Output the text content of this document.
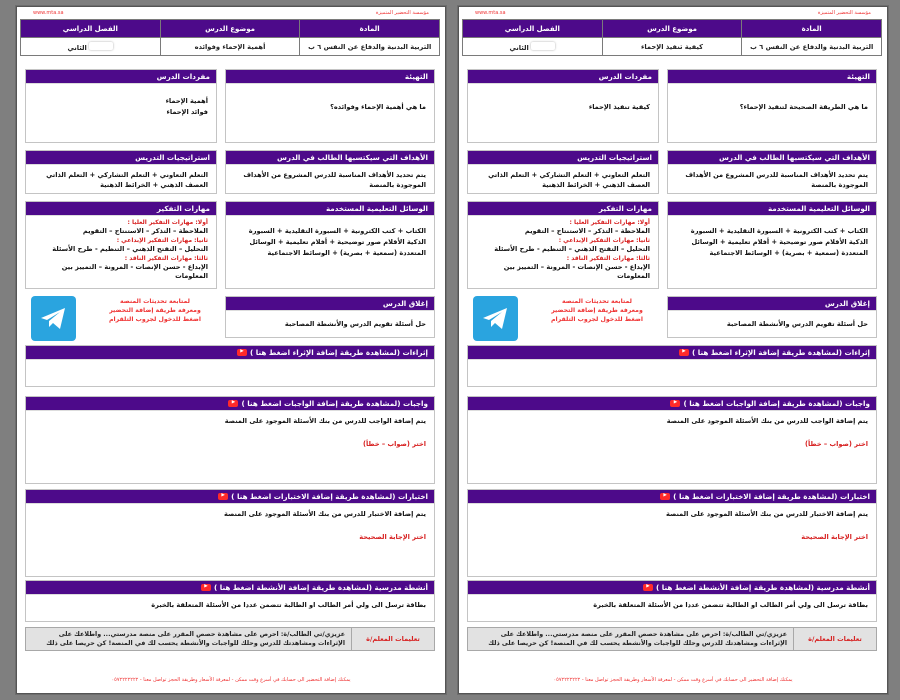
www.mta.sa	مؤسسة التحضير المتميزة
المادة	موضوع الدرس	الفصل الدراسي
التربية البدنية والدفاع عن النفس ٦ ب	أهمية الإحماء وفوائده	الثاني
التهيئة
ما هي أهمية الإحماء وفوائده؟
مفردات الدرس
أهمية الإحماء
فوائد الإحماء
الأهداف التي سيكتسبها الطالب في الدرس
يتم تحديد الأهداف المناسبة للدرس المشروع من الأهداف الموجودة بالمنصة
استراتيجيات التدريس
التعلم التعاوني + التعلم التشاركي + التعلم الذاتي العصف الذهني + الخرائط الذهنية
الوسائل التعليمية المستخدمة
الكتاب + كتب الكترونية + السبورة التقليدية + السبورة الذكية الأقلام صور توضيحية + أفلام تعليمية + الوسائل المتعددة (سمعية + بصرية) + الوسائط الاجتماعية
مهارات التفكير
أولا: مهارات التفكير العليا :
الملاحظة – التذكر – الاستنتاج – التقويم
ثانيا: مهارات التفكير الإبداعي :
التحليل – التفتح الذهني – التنظيم - طرح الأسئلة
ثالثا: مهارات التفكير الناقد :
الإبداع - حسن الإنصات - المرونة – التمييز بين المعلومات
لمتابعة تحديثات المنصة
ومعرفة طريقة إضافة التحضير
اضغط للدخول لجروب التلقرام
إغلاق الدرس
حل أسئلة تقويم الدرس والأنشطة المصاحبة
إثراءات (لمشاهدة طريقة إضافة الإثراء اضغط هنا )
▶
واجبات (لمشاهدة طريقة إضافة الواجبات اضغط هنا )
▶
يتم إضافة الواجب للدرس من بنك الأسئلة الموجود على المنصة
اختر (صواب – خطأ)
اختبارات (لمشاهدة طريقة إضافة الاختبارات اضغط هنا )
▶
يتم إضافة الاختبار للدرس من بنك الأسئلة الموجود على المنصة
اختر الإجابة الصحيحة
أنشطة مدرسية (لمشاهدة طريقة إضافة الأنشطة اضغط هنا )
▶
بطاقة ترسل الى ولي أمر الطالب او الطالبة تتضمن عددا من الأسئلة المتعلقة بالخبرة
تعليمات المعلم/ة
عزيزي/تي الطالب/ة: احرص على مشاهدة حصص المقرر على منصة مدرستي... واطلاعك على الإثراءات ومشاهدتك للدرس وحلك للواجبات والأنشطة يحسب لك في المنصة! كن حريصا على ذلك
يمكنك إضافة التحضير الى حسابك في أسرع وقت ممكن - لمعرفة الأسعار وطريقة الحجز تواصل معنا - ٠٥٧٢٢٢٢٢٢٢
www.mta.sa	مؤسسة التحضير المتميزة
المادة	موضوع الدرس	الفصل الدراسي
التربية البدنية والدفاع عن النفس ٦ ب	كيفية تنفيذ الإحماء	الثاني
التهيئة
ما هي الطريقة الصحيحة لتنفيذ الإحماء؟
مفردات الدرس
كيفية تنفيذ الإحماء
الأهداف التي سيكتسبها الطالب في الدرس
يتم تحديد الأهداف المناسبة للدرس المشروع من الأهداف الموجودة بالمنصة
استراتيجيات التدريس
التعلم التعاوني + التعلم التشاركي + التعلم الذاتي العصف الذهني + الخرائط الذهنية
الوسائل التعليمية المستخدمة
الكتاب + كتب الكترونية + السبورة التقليدية + السبورة الذكية الأقلام صور توضيحية + أفلام تعليمية + الوسائل المتعددة (سمعية + بصرية) + الوسائط الاجتماعية
مهارات التفكير
أولا: مهارات التفكير العليا :
الملاحظة – التذكر – الاستنتاج – التقويم
ثانيا: مهارات التفكير الإبداعي :
التحليل – التفتح الذهني – التنظيم - طرح الأسئلة
ثالثا: مهارات التفكير الناقد :
الإبداع - حسن الإنصات - المرونة – التمييز بين المعلومات
لمتابعة تحديثات المنصة
ومعرفة طريقة إضافة التحضير
اضغط للدخول لجروب التلقرام
إغلاق الدرس
حل أسئلة تقويم الدرس والأنشطة المصاحبة
إثراءات (لمشاهدة طريقة إضافة الإثراء اضغط هنا )
▶
واجبات (لمشاهدة طريقة إضافة الواجبات اضغط هنا )
▶
يتم إضافة الواجب للدرس من بنك الأسئلة الموجود على المنصة
اختر (صواب – خطأ)
اختبارات (لمشاهدة طريقة إضافة الاختبارات اضغط هنا )
▶
يتم إضافة الاختبار للدرس من بنك الأسئلة الموجود على المنصة
اختر الإجابة الصحيحة
أنشطة مدرسية (لمشاهدة طريقة إضافة الأنشطة اضغط هنا )
▶
بطاقة ترسل الى ولي أمر الطالب او الطالبة تتضمن عددا من الأسئلة المتعلقة بالخبرة
تعليمات المعلم/ة
عزيزي/تي الطالب/ة: احرص على مشاهدة حصص المقرر على منصة مدرستي... واطلاعك على الإثراءات ومشاهدتك للدرس وحلك للواجبات والأنشطة يحسب لك في المنصة! كن حريصا على ذلك
يمكنك إضافة التحضير الى حسابك في أسرع وقت ممكن - لمعرفة الأسعار وطريقة الحجز تواصل معنا - ٠٥٧٢٢٢٢٢٢٢
